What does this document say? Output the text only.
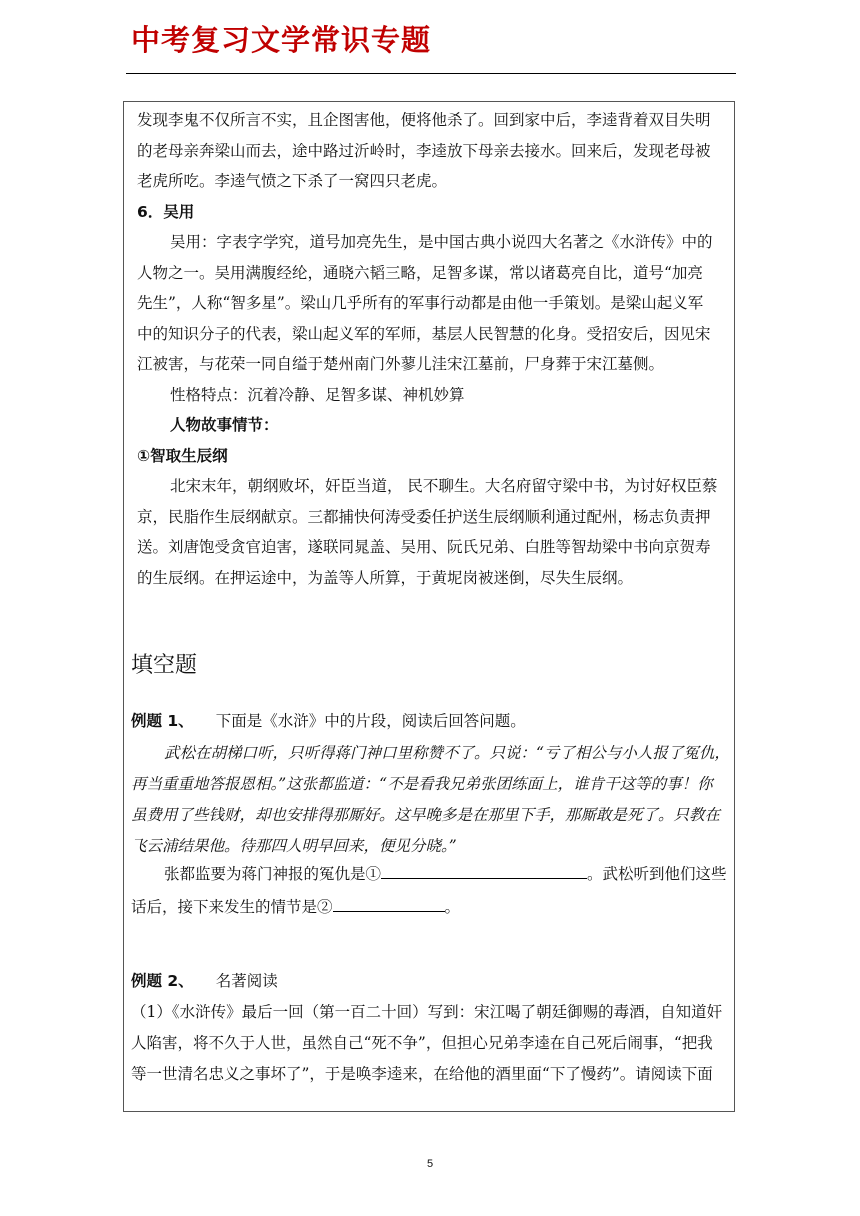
中考复习文学常识专题
发现李鬼不仅所言不实，且企图害他，便将他杀了。回到家中后，李逵背着双目失明
的老母亲奔梁山而去，途中路过沂岭时，李逵放下母亲去接水。回来后，发现老母被
老虎所吃。李逵气愤之下杀了一窝四只老虎。
6．吴用
吴用：字表字学究，道号加亮先生，是中国古典小说四大名著之《水浒传》中的
人物之一。吴用满腹经纶，通晓六韬三略，足智多谋，常以诸葛亮自比，道号“加亮
先生”，人称“智多星”。梁山几乎所有的军事行动都是由他一手策划。是梁山起义军
中的知识分子的代表，梁山起义军的军师，基层人民智慧的化身。受招安后，因见宋
江被害，与花荣一同自缢于楚州南门外蓼儿洼宋江墓前，尸身葬于宋江墓侧。
性格特点：沉着冷静、足智多谋、神机妙算
人物故事情节：
①智取生辰纲
北宋末年，朝纲败坏，奸臣当道， 民不聊生。大名府留守梁中书，为讨好权臣蔡
京，民脂作生辰纲献京。三都捕快何涛受委任护送生辰纲顺利通过配州，杨志负责押
送。刘唐饱受贪官迫害，遂联同晁盖、吴用、阮氏兄弟、白胜等智劫梁中书向京贺寿
的生辰纲。在押运途中，为盖等人所算，于黄坭岗被迷倒，尽失生辰纲。
填空题
例题 1、 下面是《水浒》中的片段，阅读后回答问题。
武松在胡梯口听，只听得蒋门神口里称赞不了。只说：“亏了相公与小人报了冤仇，
再当重重地答报恩相。”这张都监道：“不是看我兄弟张团练面上，谁肯干这等的事！你
虽费用了些钱财，却也安排得那厮好。这早晚多是在那里下手，那厮敢是死了。只教在
飞云浦结果他。待那四人明早回来，便见分晓。”
张都监要为蒋门神报的冤仇是①	。武松听到他们这些
话后，接下来发生的情节是②	。
例题 2、 名著阅读
（1）《水浒传》最后一回（第一百二十回）写到：宋江喝了朝廷御赐的毒酒，自知道奸
人陷害，将不久于人世，虽然自己“死不争”，但担心兄弟李逵在自己死后闹事，“把我
等一世清名忠义之事坏了”，于是唤李逵来，在给他的酒里面“下了慢药”。请阅读下面
5
